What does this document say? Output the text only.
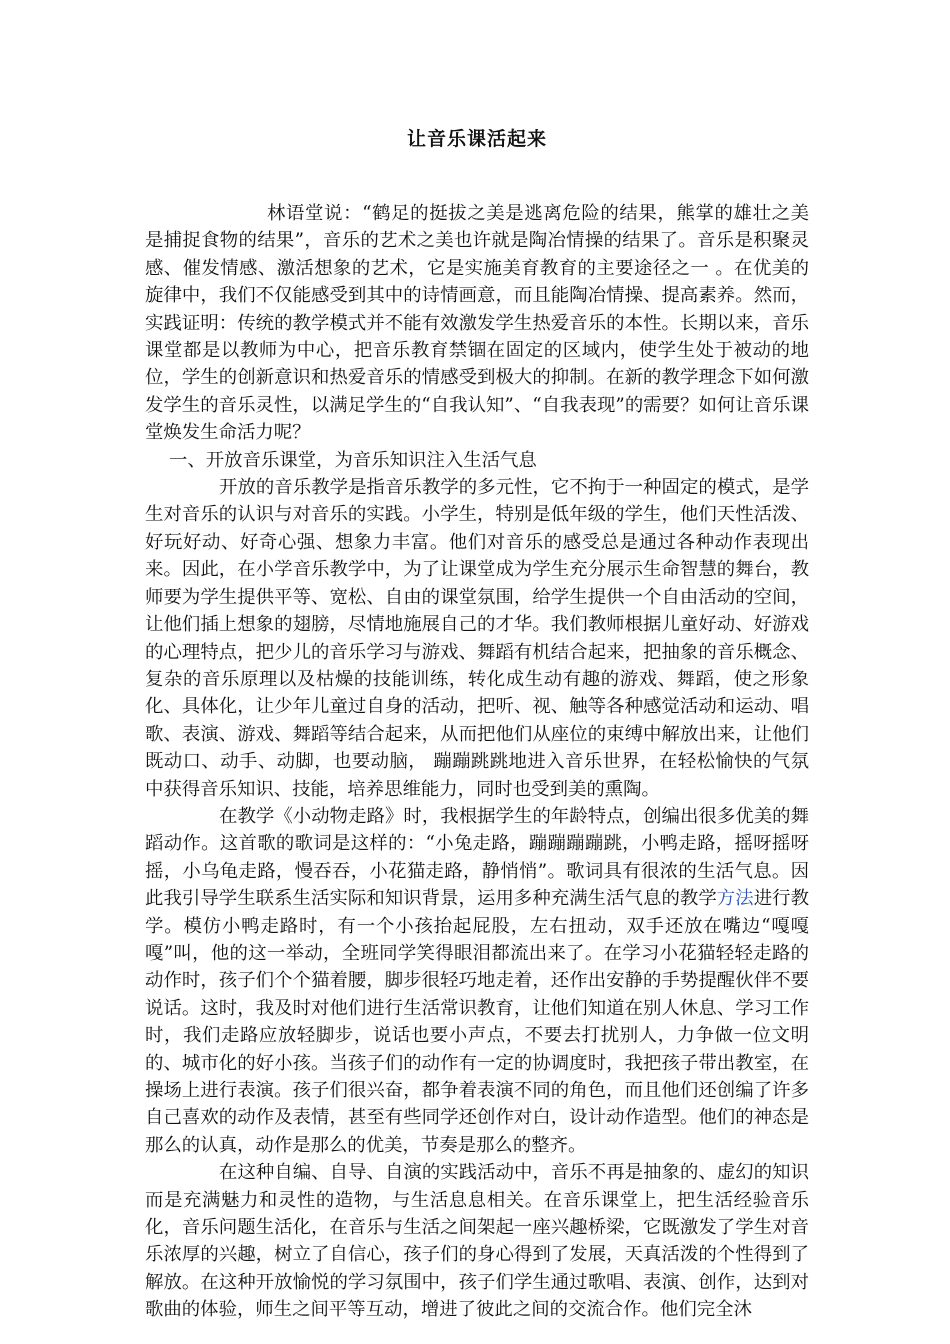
让音乐课活起来

林语堂说：“鹤足的挺拔之美是逃离危险的结果，熊掌的雄壮之美是捕捉食物的结果”，音乐的艺术之美也许就是陶冶情操的结果了。音乐是积聚灵感、催发情感、激活想象的艺术，它是实施美育教育的主要途径之一 。在优美的旋律中，我们不仅能感受到其中的诗情画意，而且能陶冶情操、提高素养。然而，实践证明：传统的教学模式并不能有效激发学生热爱音乐的本性。长期以来，音乐课堂都是以教师为中心，把音乐教育禁锢在固定的区域内，使学生处于被动的地位，学生的创新意识和热爱音乐的情感受到极大的抑制。在新的教学理念下如何激发学生的音乐灵性，以满足学生的“自我认知”、“自我表现”的需要？如何让音乐课堂焕发生命活力呢？

一、开放音乐课堂，为音乐知识注入生活气息

开放的音乐教学是指音乐教学的多元性，它不拘于一种固定的模式，是学生对音乐的认识与对音乐的实践。小学生，特别是低年级的学生，他们天性活泼、好玩好动、好奇心强、想象力丰富。他们对音乐的感受总是通过各种动作表现出来。因此，在小学音乐教学中，为了让课堂成为学生充分展示生命智慧的舞台，教师要为学生提供平等、宽松、自由的课堂氛围，给学生提供一个自由活动的空间，让他们插上想象的翅膀，尽情地施展自己的才华。我们教师根据儿童好动、好游戏的心理特点，把少儿的音乐学习与游戏、舞蹈有机结合起来，把抽象的音乐概念、复杂的音乐原理以及枯燥的技能训练，转化成生动有趣的游戏、舞蹈，使之形象化、具体化，让少年儿童过自身的活动，把听、视、触等各种感觉活动和运动、唱歌、表演、游戏、舞蹈等结合起来，从而把他们从座位的束缚中解放出来，让他们既动口、动手、动脚，也要动脑， 蹦蹦跳跳地进入音乐世界，在轻松愉快的气氛中获得音乐知识、技能，培养思维能力，同时也受到美的熏陶。

在教学《小动物走路》时，我根据学生的年龄特点，创编出很多优美的舞蹈动作。这首歌的歌词是这样的：“小兔走路，蹦蹦蹦蹦跳，小鸭走路，摇呀摇呀摇，小乌龟走路，慢吞吞，小花猫走路，静悄悄”。歌词具有很浓的生活气息。因此我引导学生联系生活实际和知识背景，运用多种充满生活气息的教学方法进行教学。模仿小鸭走路时，有一个小孩抬起屁股，左右扭动，双手还放在嘴边“嘎嘎嘎”叫，他的这一举动，全班同学笑得眼泪都流出来了。在学习小花猫轻轻走路的动作时，孩子们个个猫着腰，脚步很轻巧地走着，还作出安静的手势提醒伙伴不要说话。这时，我及时对他们进行生活常识教育，让他们知道在别人休息、学习工作时，我们走路应放轻脚步，说话也要小声点，不要去打扰别人，力争做一位文明的、城市化的好小孩。当孩子们的动作有一定的协调度时，我把孩子带出教室，在操场上进行表演。孩子们很兴奋，都争着表演不同的角色，而且他们还创编了许多自己喜欢的动作及表情，甚至有些同学还创作对白，设计动作造型。他们的神态是那么的认真，动作是那么的优美，节奏是那么的整齐。

在这种自编、自导、自演的实践活动中，音乐不再是抽象的、虚幻的知识而是充满魅力和灵性的造物，与生活息息相关。在音乐课堂上，把生活经验音乐化，音乐问题生活化，在音乐与生活之间架起一座兴趣桥梁，它既激发了学生对音乐浓厚的兴趣，树立了自信心，孩子们的身心得到了发展，天真活泼的个性得到了解放。在这种开放愉悦的学习氛围中，孩子们学生通过歌唱、表演、创作，达到对歌曲的体验，师生之间平等互动，增进了彼此之间的交流合作。他们完全沐
